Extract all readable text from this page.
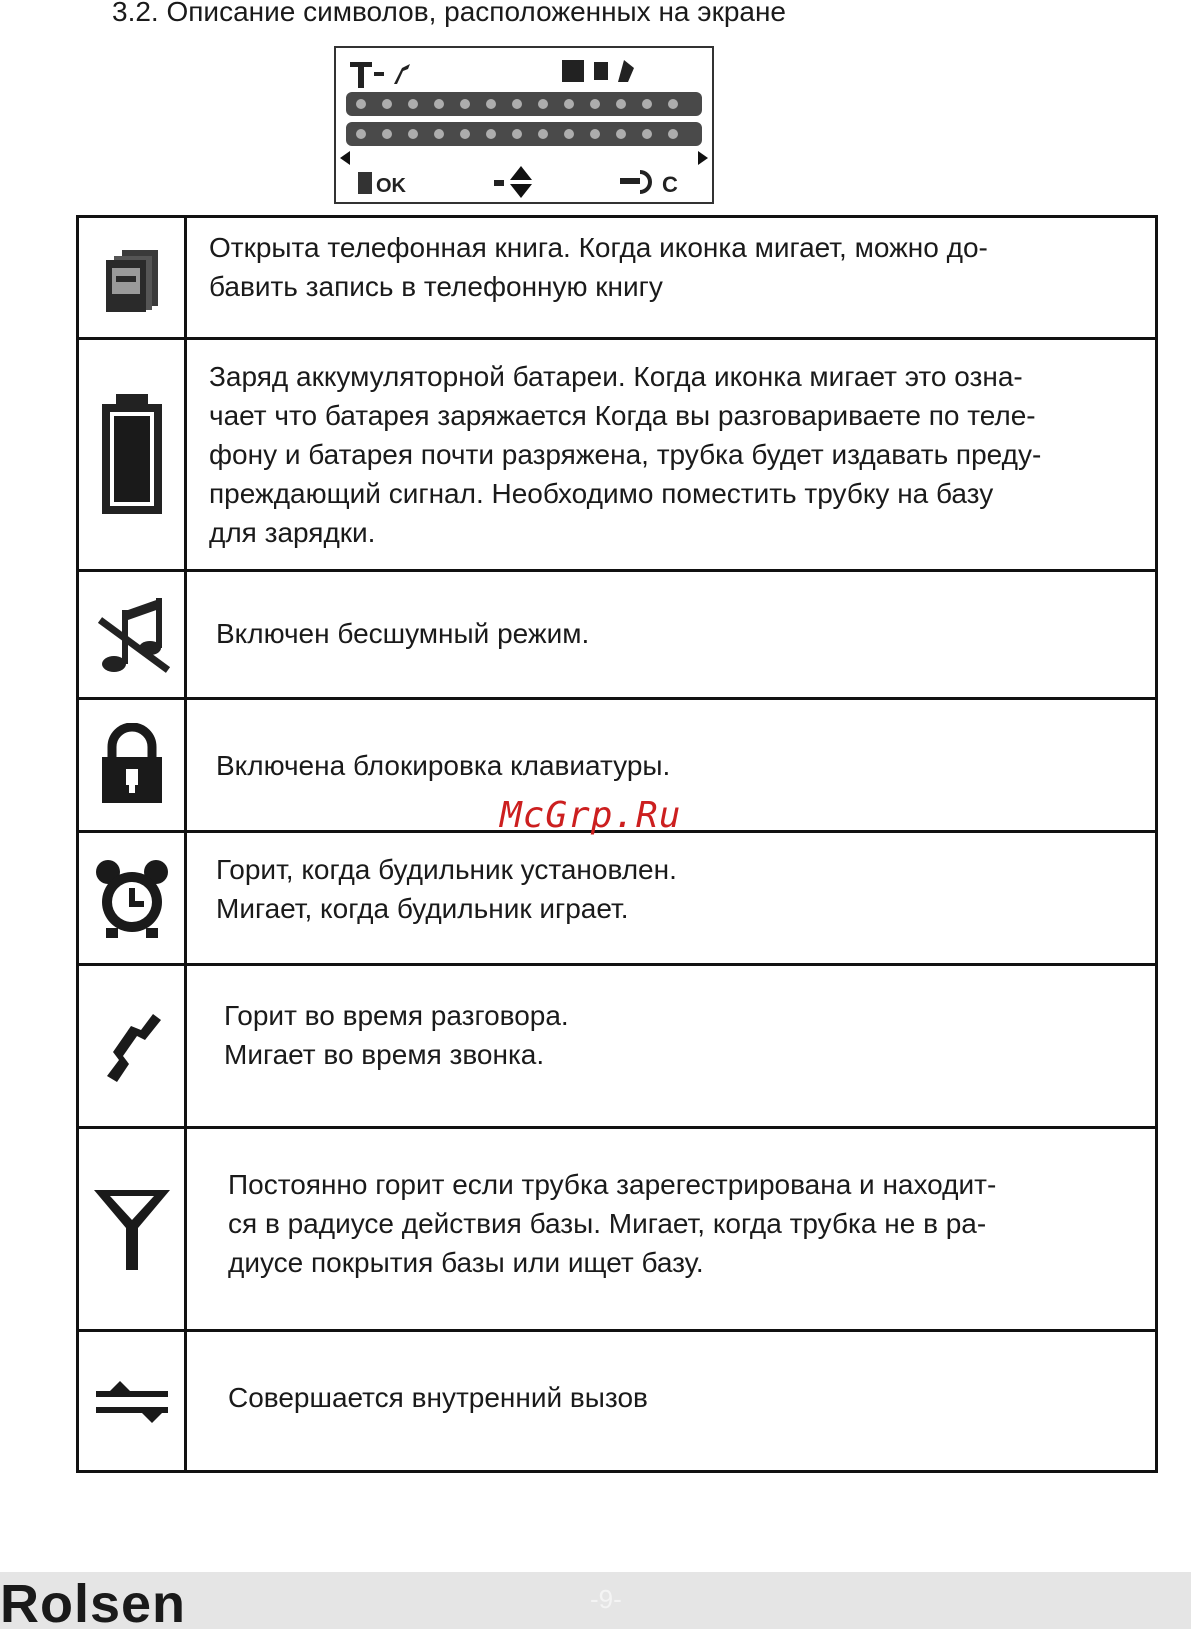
3.2. Описание символов, расположенных на экране
OK	C
Открыта телефонная книга. Когда иконка мигает, можно до-
бавить запись в телефонную книгу
Заряд аккумуляторной батареи. Когда иконка мигает это озна-
чает что батарея заряжается Когда вы разговариваете по теле-
фону и батарея почти разряжена, трубка будет издавать преду-
преждающий сигнал. Необходимо поместить трубку на базу
для зарядки.
Включен бесшумный режим.
Включена блокировка клавиатуры.
Горит, когда будильник установлен.
Мигает, когда будильник играет.
Горит во время разговора.
Мигает во время звонка.
Постоянно горит если трубка зарегестрирована и находит-
ся в радиусе действия базы. Мигает, когда трубка не в ра-
диусе покрытия базы или ищет базу.
Совершается внутренний вызов
McGrp.Ru
Rolsen	-9-
